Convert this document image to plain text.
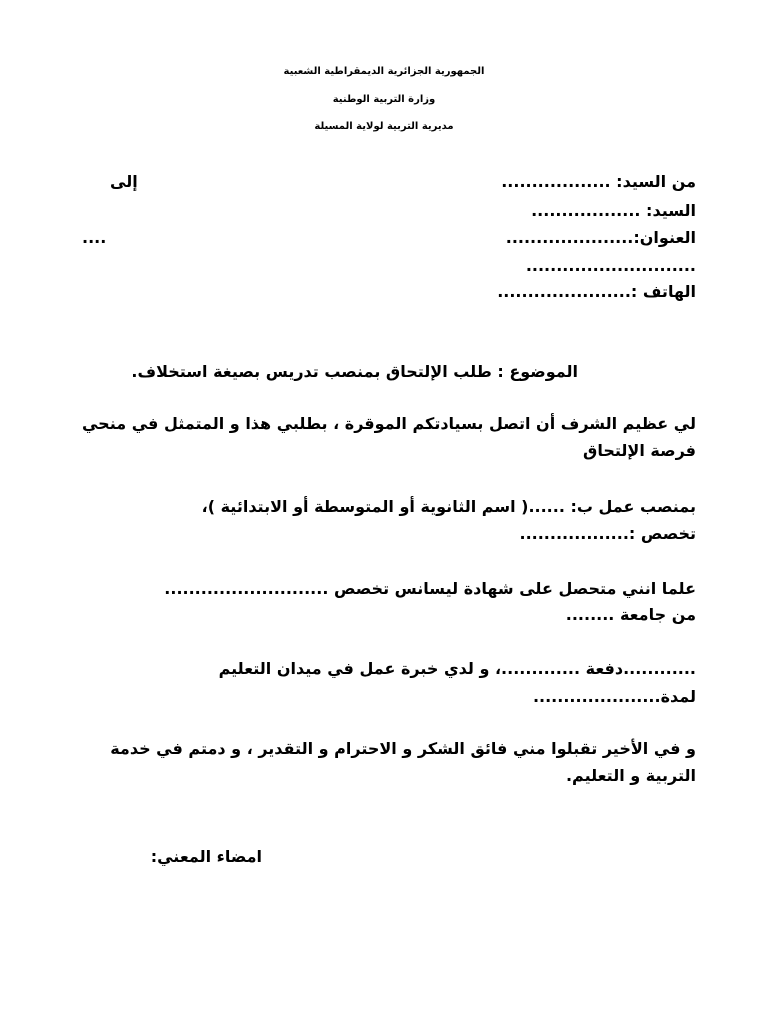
الجمهورية الجزائرية الديمقراطية الشعبية
وزارة التربية الوطنية
مديرية التربية لولاية المسيلة
من السيد: ..................
إلى
السيد: ..................
العنوان:.....................
....
............................
الهاتف :......................
الموضوع : طلب الإلتحاق بمنصب تدريس بصيغة استخلاف.
لي عظيم الشرف أن اتصل بسيادتكم الموقرة ، بطلبي هذا و المتمثل في منحي
فرصة الإلتحاق
بمنصب عمل ب: ......( اسم الثانوية أو المتوسطة أو الابتدائية )،
تخصص :..................
علما انني متحصل على شهادة ليسانس تخصص ...........................
من جامعة ........
............دفعة .............، و لدي خبرة عمل في ميدان التعليم
لمدة.....................
و في الأخير تقبلوا مني فائق الشكر و الاحترام و التقدير ، و دمتم في خدمة
التربية و التعليم.
امضاء المعني:
